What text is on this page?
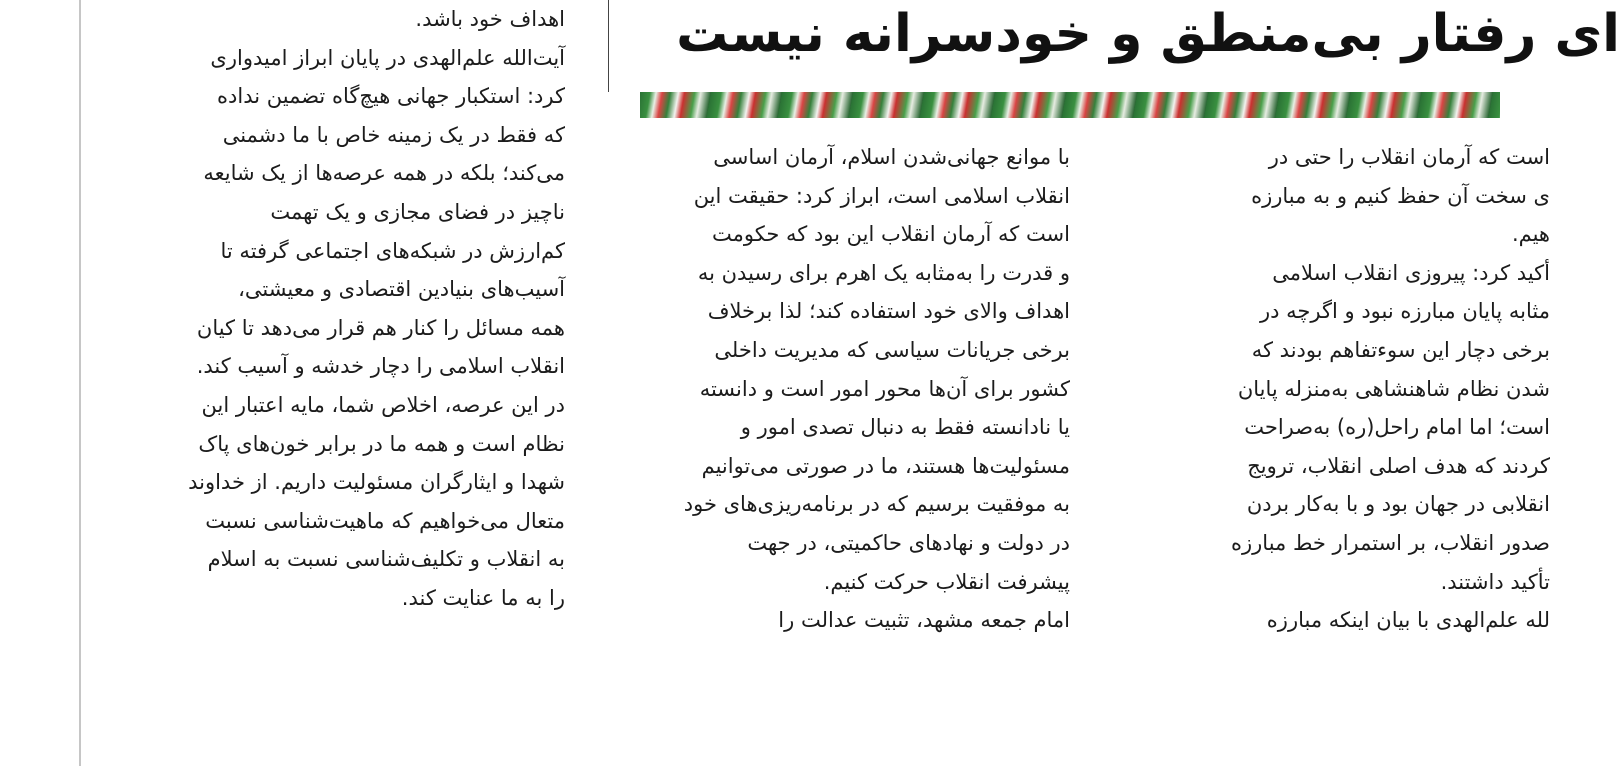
ای رفتار بی‌منطق و خودسرانه نیست
اهداف خود باشد.
آیت‌الله علم‌الهدی در پایان ابراز امیدواری
کرد: استکبار جهانی هیچ‌گاه تضمین نداده
که فقط در یک زمینه خاص با ما دشمنی
می‌کند؛ بلکه در همه عرصه‌ها از یک شایعه
ناچیز در فضای مجازی و یک تهمت
کم‌ارزش در شبکه‌های اجتماعی گرفته تا
آسیب‌های بنیادین اقتصادی و معیشتی،
همه مسائل را کنار هم قرار می‌دهد تا کیان
انقلاب اسلامی را دچار خدشه و آسیب کند.
در این عرصه، اخلاص شما، مایه اعتبار این
نظام است و همه ما در برابر خون‌های پاک
شهدا و ایثارگران مسئولیت داریم. از خداوند
متعال می‌خواهیم که ماهیت‌شناسی نسبت
به انقلاب و تکلیف‌شناسی نسبت به اسلام
را به ما عنایت کند.
با موانع جهانی‌شدن اسلام، آرمان اساسی
انقلاب اسلامی است، ابراز کرد: حقیقت این
است که آرمان انقلاب این بود که حکومت
و قدرت را به‌مثابه یک اهرم برای رسیدن به
اهداف والای خود استفاده کند؛ لذا برخلاف
برخی جریانات سیاسی که مدیریت داخلی
کشور برای آن‌ها محور امور است و دانسته
یا نادانسته فقط به دنبال تصدی امور و
مسئولیت‌ها هستند، ما در صورتی می‌توانیم
به موفقیت برسیم که در برنامه‌ریزی‌های خود
در دولت و نهادهای حاکمیتی، در جهت
پیشرفت انقلاب حرکت کنیم.
امام جمعه مشهد، تثبیت عدالت را
است که آرمان انقلاب را حتی در
ی سخت آن حفظ کنیم و به مبارزه
هیم.
أکید کرد: پیروزی انقلاب اسلامی
مثابه پایان مبارزه نبود و اگرچه در
برخی دچار این سوءتفاهم بودند که
شدن نظام شاهنشاهی به‌منزله پایان
است؛ اما امام راحل(ره) به‌صراحت
کردند که هدف اصلی انقلاب، ترویج
انقلابی در جهان بود و با به‌کار بردن
صدور انقلاب، بر استمرار خط مبارزه
تأکید داشتند.
لله علم‌الهدی با بیان اینکه مبارزه
